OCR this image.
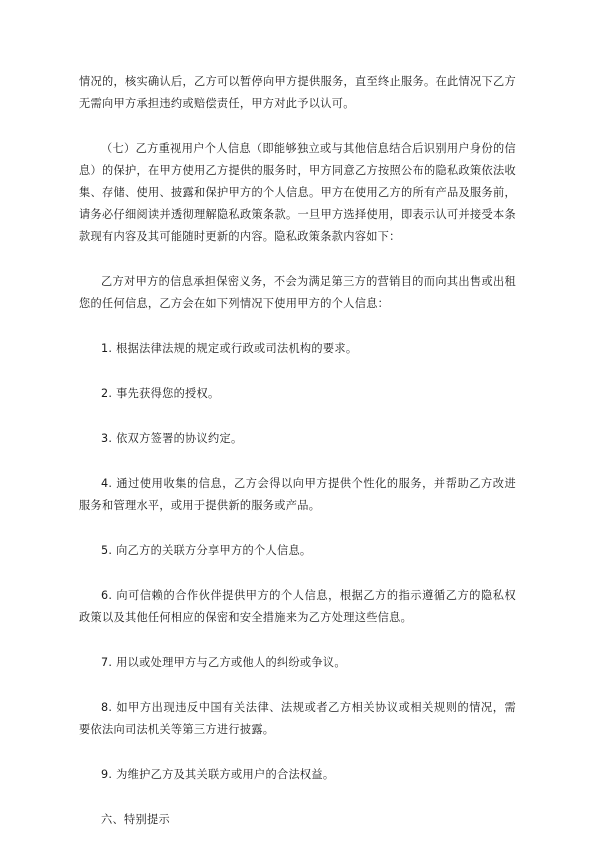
情况的，核实确认后，乙方可以暂停向甲方提供服务，直至终止服务。在此情况下乙方无需向甲方承担违约或赔偿责任，甲方对此予以认可。

（七）乙方重视用户个人信息（即能够独立或与其他信息结合后识别用户身份的信息）的保护，在甲方使用乙方提供的服务时，甲方同意乙方按照公布的隐私政策依法收集、存储、使用、披露和保护甲方的个人信息。甲方在使用乙方的所有产品及服务前，请务必仔细阅读并透彻理解隐私政策条款。一旦甲方选择使用，即表示认可并接受本条款现有内容及其可能随时更新的内容。隐私政策条款内容如下：

乙方对甲方的信息承担保密义务，不会为满足第三方的营销目的而向其出售或出租您的任何信息，乙方会在如下列情况下使用甲方的个人信息：

1. 根据法律法规的规定或行政或司法机构的要求。

2. 事先获得您的授权。

3. 依双方签署的协议约定。

4. 通过使用收集的信息，乙方会得以向甲方提供个性化的服务，并帮助乙方改进服务和管理水平，或用于提供新的服务或产品。

5. 向乙方的关联方分享甲方的个人信息。

6. 向可信赖的合作伙伴提供甲方的个人信息，根据乙方的指示遵循乙方的隐私权政策以及其他任何相应的保密和安全措施来为乙方处理这些信息。

7. 用以或处理甲方与乙方或他人的纠纷或争议。

8. 如甲方出现违反中国有关法律、法规或者乙方相关协议或相关规则的情况，需要依法向司法机关等第三方进行披露。

9. 为维护乙方及其关联方或用户的合法权益。

六、特别提示
